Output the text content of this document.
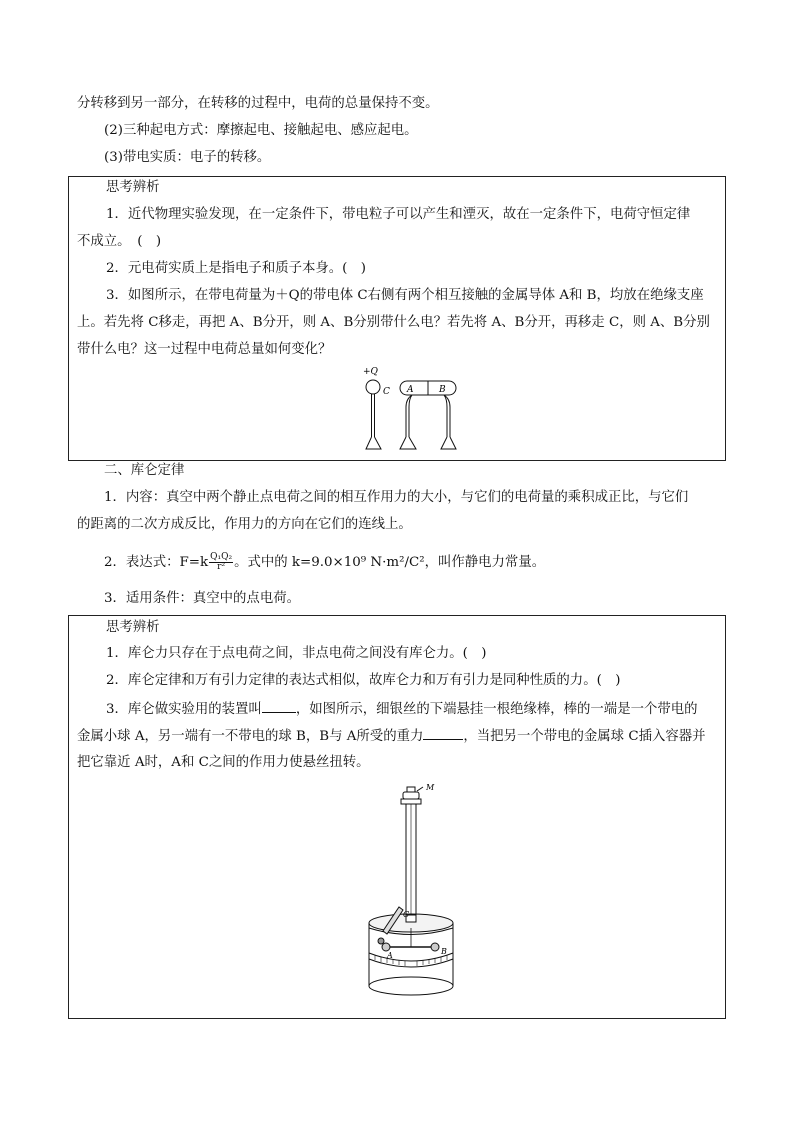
分转移到另一部分，在转移的过程中，电荷的总量保持不变。
(2)三种起电方式：摩擦起电、接触起电、感应起电。
(3)带电实质：电子的转移。
思考辨析
1．近代物理实验发现，在一定条件下，带电粒子可以产生和湮灭，故在一定条件下，电荷守恒定律
不成立。　(　)
2．元电荷实质上是指电子和质子本身。(　)
3．如图所示，在带电荷量为＋Q的带电体 C右侧有两个相互接触的金属导体 A和 B，均放在绝缘支座
上。若先将 C移走，再把 A、B分开，则 A、B分别带什么电？若先将 A、B分开，再移走 C，则 A、B分别
带什么电？这一过程中电荷总量如何变化？
+Q
C A	B
二、库仑定律
1．内容：真空中两个静止点电荷之间的相互作用力的大小，与它们的电荷量的乘积成正比，与它们
的距离的二次方成反比，作用力的方向在它们的连线上。
2．表达式：$F=k \frac{\text{Q₁Q₂}}{\text{r²}}$ 。式中的 k=9.0×10⁹ N·m²/C²，叫作静电力常量。
3．适用条件：真空中的点电荷。
思考辨析
1．库仑力只存在于点电荷之间，非点电荷之间没有库仑力。(　)
2．库仑定律和万有引力定律的表达式相似，故库仑力和万有引力是同种性质的力。(　)
3．库仑做实验用的装置叫	，如图所示，细银丝的下端悬挂一根绝缘棒，棒的一端是一个带电的
金属小球 A，另一端有一不带电的球 B，B与 A所受的重力	，当把另一个带电的金属球 C插入容器并
把它靠近 A时，A和 C之间的作用力使悬丝扭转。
M
C
A	B
